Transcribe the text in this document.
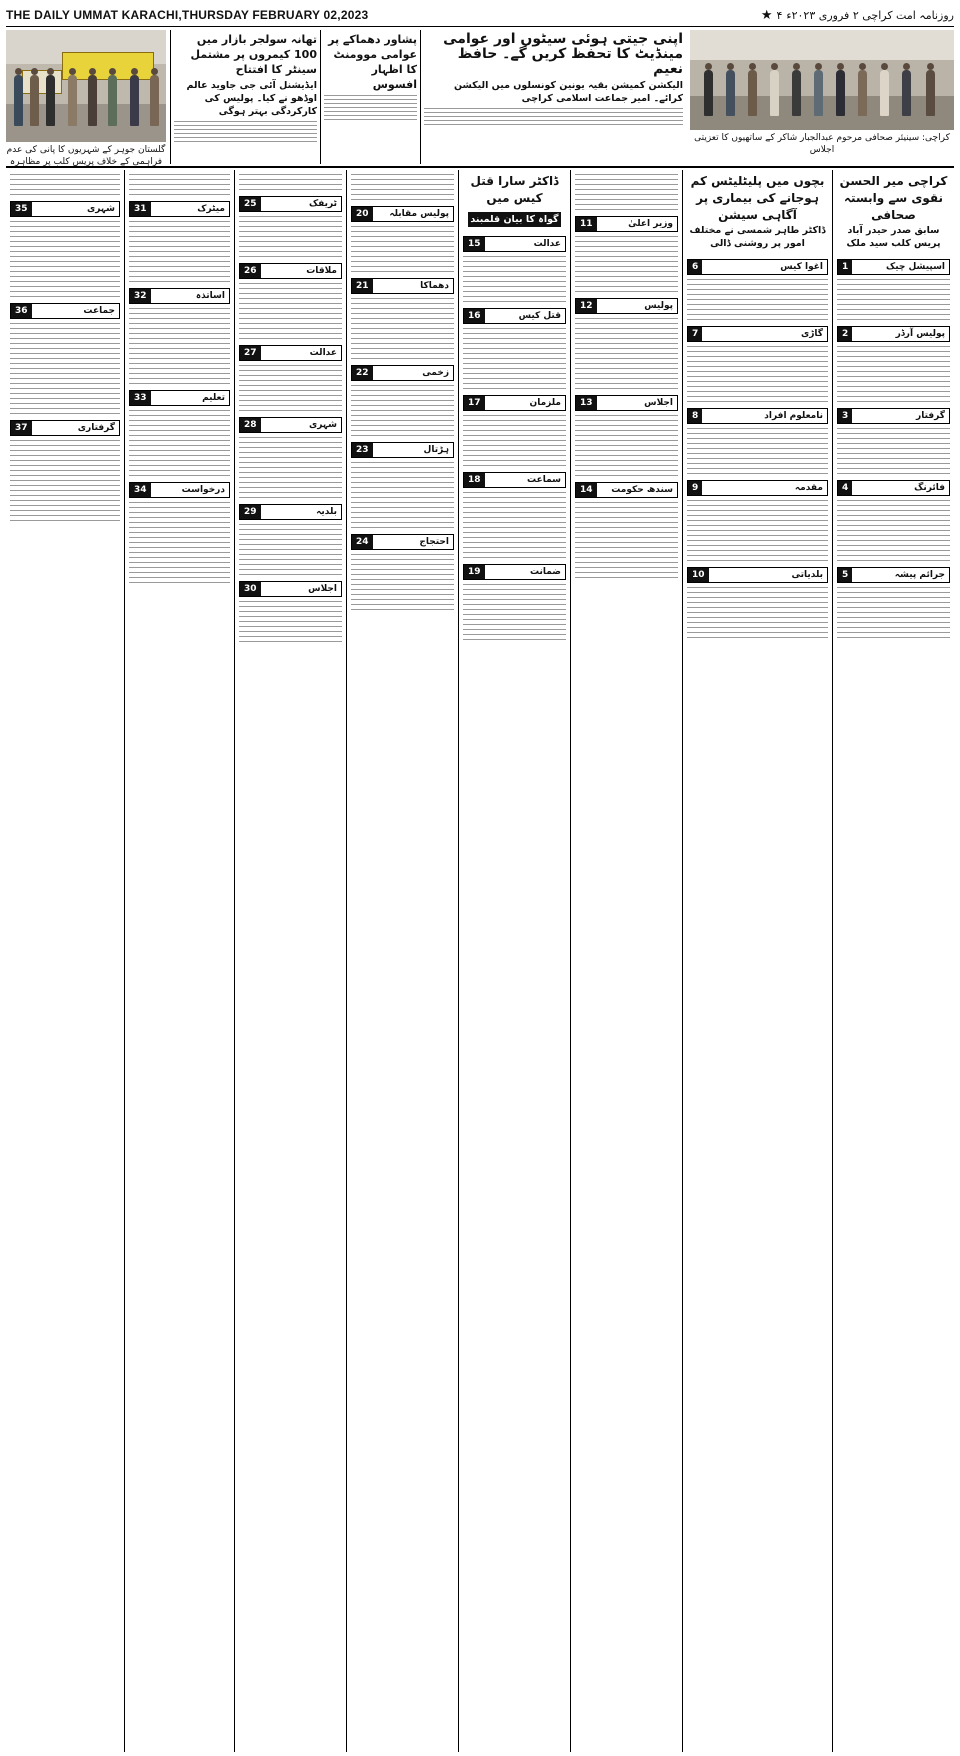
THE DAILY UMMAT KARACHI,THURSDAY FEBRUARY 02,2023	روزنامہ امت کراچی ۲ فروری ۲۰۲۳ء
۴
★
گلستان جوہر کے شہریوں کا پانی کی عدم فراہمی کے خلاف پریس کلب پر مظاہرہ
تھانہ سولجر بازار میں 100 کیمروں پر مشتمل سینٹر کا افتتاح
ایڈیشنل آئی جی جاوید عالم اوڈھو نے کیا۔ پولیس کی کارکردگی بہتر ہوگی
پشاور دھماکے پر عوامی موومنٹ کا اظہار افسوس
اپنی جیتی ہوئی سیٹوں اور عوامی مینڈیٹ کا تحفظ کریں گے۔ حافظ نعیم
الیکشن کمیشن بقیہ یونین کونسلوں میں الیکشن کرائے۔ امیر جماعت اسلامی کراچی
کراچی: سینیئر صحافی مرحوم عبدالجبار شاکر کے ساتھیوں کا تعزیتی اجلاس
شہری
35
جماعت
36
گرفتاری
37
میٹرک
31
اساتذہ
32
تعلیم
33
درخواست
34
ٹریفک
25
ملاقات
26
عدالت
27
شہری
28
بلدیہ
29
اجلاس
30
پولیس مقابلہ
20
دھماکا
21
زخمی
22
ہڑتال
23
احتجاج
24
ڈاکٹر سارا قتل کیس میں
گواہ کا بیان قلمبند
عدالت
15
قتل کیس
16
ملزمان
17
سماعت
18
ضمانت
19
وزیر اعلیٰ
11
پولیس
12
اجلاس
13
سندھ حکومت
14
بچوں میں پلیٹلیٹس کم ہوجانے کی بیماری پر آگاہی سیشن
ڈاکٹر طاہر شمسی نے مختلف امور پر روشنی ڈالی
اغوا کیس
6
گاڑی
7
نامعلوم افراد
8
مقدمہ
9
بلدیاتی
10
کراچی میر الحسن نقوی سے وابستہ صحافی
سابق صدر حیدر آباد پریس کلب سید ملک
اسپیشل چیک
1
پولیس آرڈر
2
گرفتار
3
فائرنگ
4
جرائم پیشہ
5
